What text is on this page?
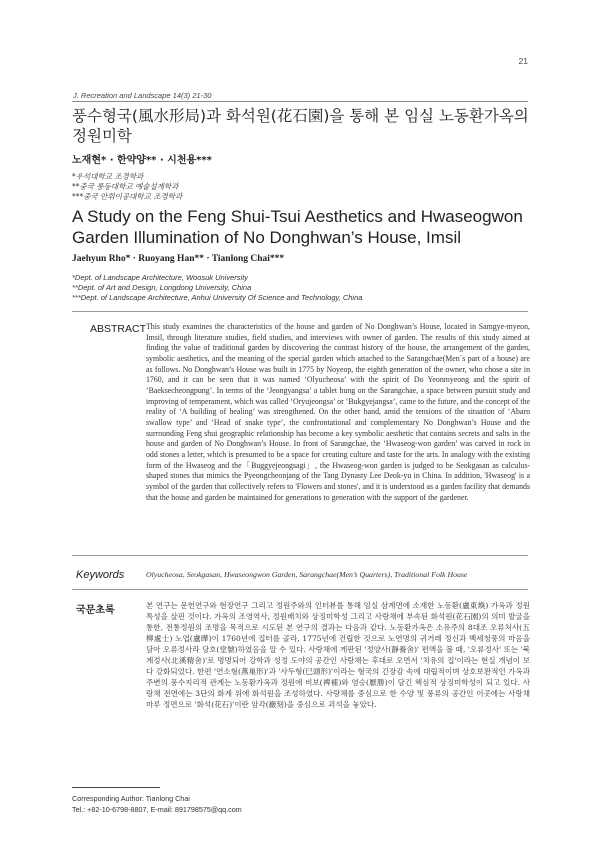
21
J. Recreation and Landscape 14(3) 21-30
풍수형국(風水形局)과 화석원(花石園)을 통해 본 임실 노동환가옥의 정원미학
노재현* · 한약양** · 시천용***
*우석대학교 조경학과
**중국 룽동대학교 예술설계학과
***중국 안휘이공대학교 조경학과
A Study on the Feng Shui-Tsui Aesthetics and Hwaseogwon Garden Illumination of No Donghwan’s House, Imsil
Jaehyun Rho* · Ruoyang Han** · Tianlong Chai***
*Dept. of Landscape Architecture, Woosuk University
**Dept. of Art and Design, Longdong University, China
***Dept. of Landscape Architecture, Anhui University Of Science and Technology, China
ABSTRACT This study examines the characteristics of the house and garden of No Donghwan’s House, located in Samgye-myeon, Imsil, through literature studies, field studies, and interviews with owner of garden. The results of this study aimed at finding the value of traditional garden by discovering the contrast history of the house, the arrangement of the garden, symbolic aesthetics, and the meaning of the special garden which attached to the Sarangchae(Men´s part of a house) are as follows. No Donghwan’s House was built in 1775 by Noyeop, the eighth generation of the owner, who chose a site in 1760, and it can be seen that it was named ‘Olyucheosa’ with the spirit of Do Yeonmyeong and the spirit of ‘Baeksecheongpung’. In terms of the ‘Jeongyangsa’ a tablet hung on the Sarangchae, a space between pursuit study and improving of temperament, which was called ‘Oryujeongsa’ or ‘Bukgyejangsa’, came to the future, and the concept of the reality of ‘A building of healing’ was strengthened. On the other hand, amid the tensions of the situation of ‘Abarn swallow type’ and ‘Head of snake type’, the confrontational and complementary No Donghwan’s House and the surrounding Feng shui geographic relationship has become a key symbolic aesthetic that contains secrets and salts in the house and garden of No Donghwan’s House. In front of Sarangchae, the ‘Hwaseog-won garden’ was carved in rock in odd stones a letter, which is presumed to be a space for creating culture and taste for the arts. In analogy with the existing form of the Hwaseog and the「Buggyejeongsagi」, the Hwaseog-won garden is judged to be Seokgasan as calculus-shaped stones that mimics the Pyeongcheonjang of the Tang Dynasty Lee Deok-yu in China. In addition, 'Hwaseog' is a symbol of the garden that collectively refers to 'Flowers and stones', and it is understood as a garden facility that demands that the house and garden be maintained for generations to generation with the support of the gardener.
Keywords	Olyucheosa, Seokgasan, Hwaseongwon Garden, Sarangchae(Men’s Quarters), Traditional Folk House
국문초록	본 연구는 문헌연구와 현장연구 그리고 정원주와의 인터뷰를 통해 임실 삼계면에 소재한 노동환(盧東煥) 가옥과 정원 특성을 살핀 것이다. 가옥의 조영역사, 정원배치와 상징미학성 그리고 사랑채에 부속된 화석원(花石園)의 의미 발굴을 통한, 전통정원의 조명을 목적으로 시도된 본 연구의 결과는 다음과 같다. 노동환가옥은 소유주의 8대조 오류처사(五柳處士) 노엽(盧曄)이 1760년에 집터를 골라, 1775년에 건립한 것으로 노연명의 귀거래 정신과 백세청풍의 마음을 담아 오류정사라 당호(堂號)하였음을 알 수 있다. 사랑채에 게판된 '정양사(靜養舍)' 편액을 볼 때, '오류정사' 또는 '북계정사(北溪精舍)'로 명명되어 강학과 성정 도야의 공간인 사랑채는 후대로 오면서 '치유의 집'이라는 현실 개념이 보다 강화되었다. 한편 '연소형(燕巢形)'과 '사두형(巳頭形)'이라는 형국의 긴장감 속에 대립적이며 상호보완적인 가옥과 주변의 풍수지리적 관계는 노동환가옥과 정원에 비보(裨補)와 염승(厭勝)이 담긴 핵심적 상징미학성이 되고 있다. 사랑채 전면에는 3단의 화계 위에 화석원을 조성하였다. 사랑채를 중심으로 한 수양 및 풍류의 공간인 이곳에는 사랑채 마루 정면으로 '화석(花石)'이란 암각(巖刻)을 중심으로 괴석을 놓았다.
Corresponding Author: Tianlong Chai
Tel.: +82-10-6798-8807, E-mail: 891798575@qq.com
